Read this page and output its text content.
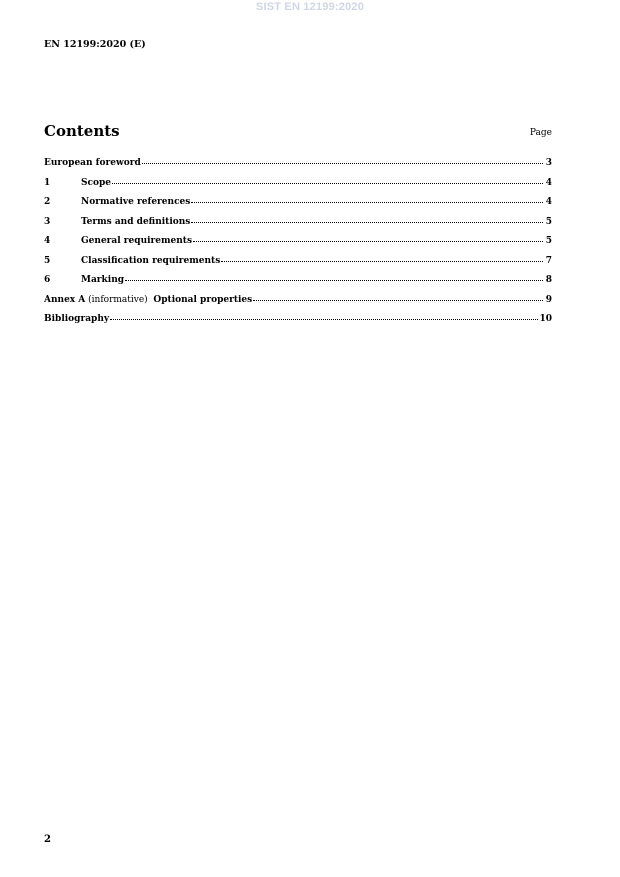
SIST EN 12199:2020
EN 12199:2020 (E)
Contents	Page
European foreword	3
1	Scope	4
2	Normative references	4
3	Terms and definitions	5
4	General requirements	5
5	Classification requirements	7
6	Marking	8
Annex A (informative)  Optional properties	9
Bibliography	10
2
